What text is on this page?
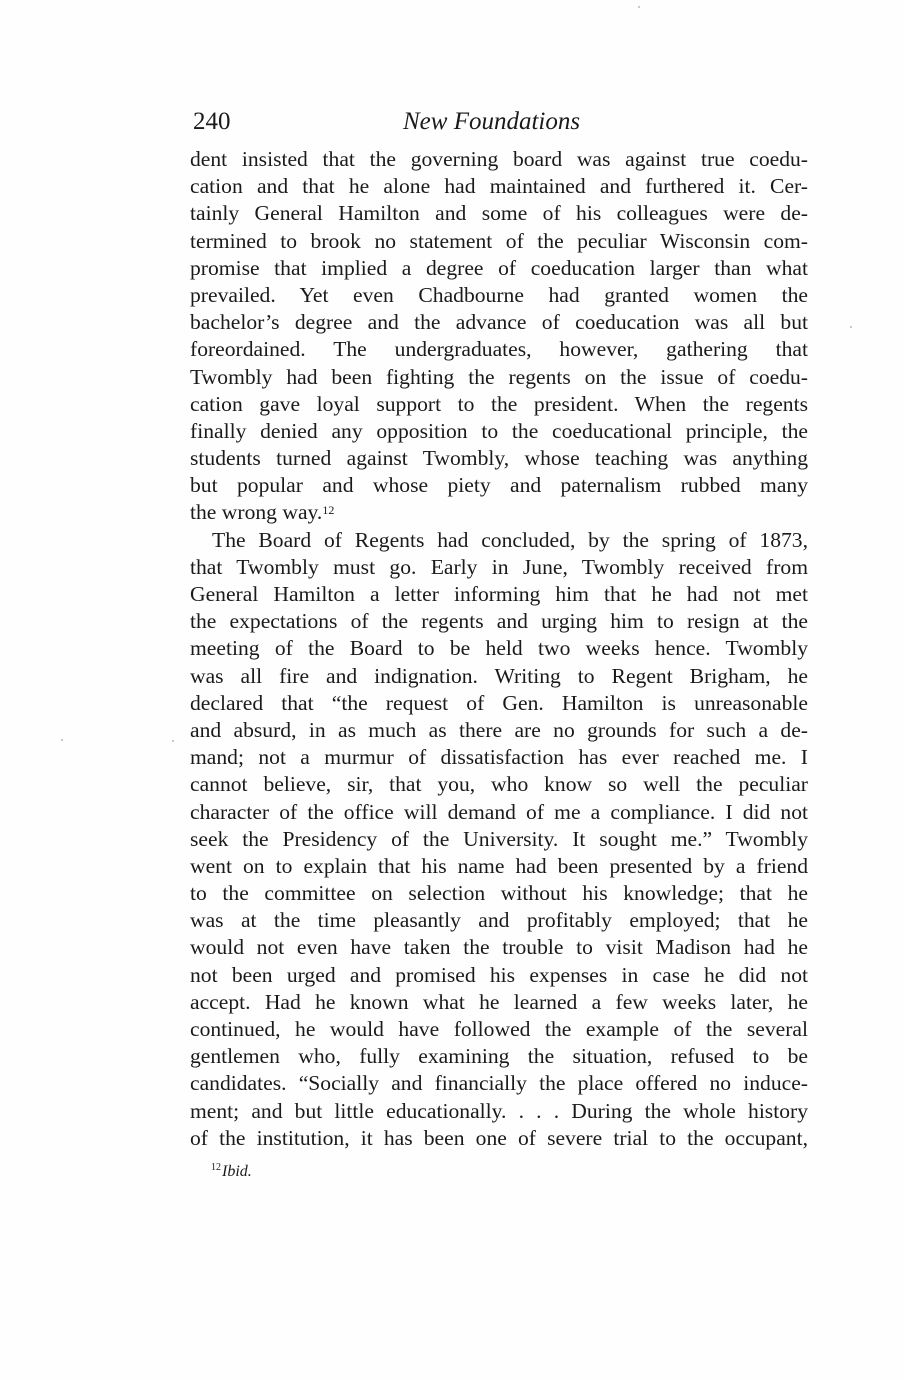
240	New Foundations
dent insisted that the governing board was against true coedu-
cation and that he alone had maintained and furthered it. Cer-
tainly General Hamilton and some of his colleagues were de-
termined to brook no statement of the peculiar Wisconsin com-
promise that implied a degree of coeducation larger than what
prevailed. Yet even Chadbourne had granted women the
bachelor’s degree and the advance of coeducation was all but
foreordained. The undergraduates, however, gathering that
Twombly had been fighting the regents on the issue of coedu-
cation gave loyal support to the president. When the regents
finally denied any opposition to the coeducational principle, the
students turned against Twombly, whose teaching was anything
but popular and whose piety and paternalism rubbed many
the wrong way.$^{12}$
The Board of Regents had concluded, by the spring of 1873,
that Twombly must go. Early in June, Twombly received from
General Hamilton a letter informing him that he had not met
the expectations of the regents and urging him to resign at the
meeting of the Board to be held two weeks hence. Twombly
was all fire and indignation. Writing to Regent Brigham, he
declared that “the request of Gen. Hamilton is unreasonable
and absurd, in as much as there are no grounds for such a de-
mand; not a murmur of dissatisfaction has ever reached me. I
cannot believe, sir, that you, who know so well the peculiar
character of the office will demand of me a compliance. I did not
seek the Presidency of the University. It sought me.” Twombly
went on to explain that his name had been presented by a friend
to the committee on selection without his knowledge; that he
was at the time pleasantly and profitably employed; that he
would not even have taken the trouble to visit Madison had he
not been urged and promised his expenses in case he did not
accept. Had he known what he learned a few weeks later, he
continued, he would have followed the example of the several
gentlemen who, fully examining the situation, refused to be
candidates. “Socially and financially the place offered no induce-
ment; and but little educationally. . . . During the whole history
of the institution, it has been one of severe trial to the occupant,
$^{12}$Ibid.
